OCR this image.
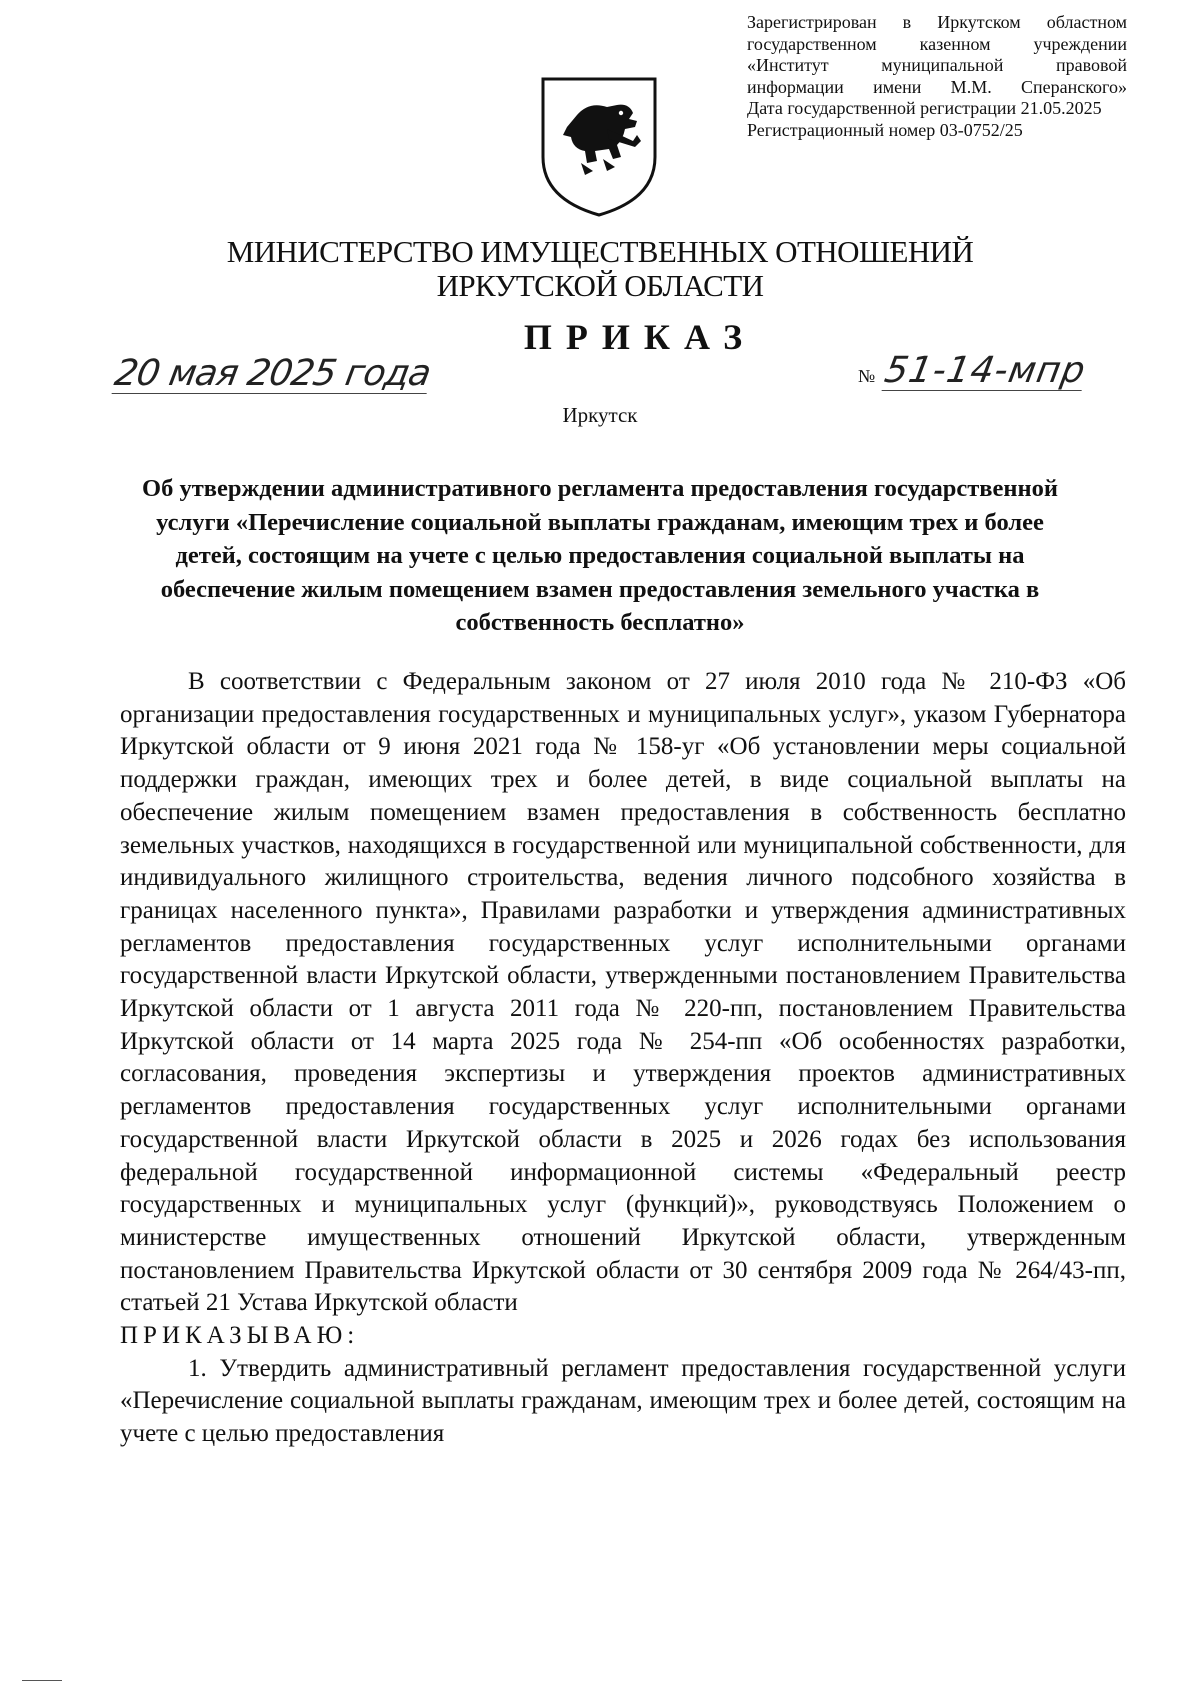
Зарегистрирован в Иркутском областном
государственном казенном учреждении
«Институт муниципальной правовой
информации имени М.М. Сперанского»
Дата государственной регистрации 21.05.2025
Регистрационный номер 03-0752/25
МИНИСТЕРСТВО ИМУЩЕСТВЕННЫХ ОТНОШЕНИЙ
ИРКУТСКОЙ ОБЛАСТИ
ПРИКАЗ
20 мая 2025 года	№ 51-14-мпр
Иркутск
Об утверждении административного регламента предоставления государственной услуги «Перечисление социальной выплаты гражданам, имеющим трех и более детей, состоящим на учете с целью предоставления социальной выплаты на обеспечение жилым помещением взамен предоставления земельного участка в собственность бесплатно»

В соответствии с Федеральным законом от 27 июля 2010 года № 210-ФЗ «Об организации предоставления государственных и муниципальных услуг», указом Губернатора Иркутской области от 9 июня 2021 года № 158-уг «Об установлении меры социальной поддержки граждан, имеющих трех и более детей, в виде социальной выплаты на обеспечение жилым помещением взамен предоставления в собственность бесплатно земельных участков, находящихся в государственной или муниципальной собственности, для индивидуального жилищного строительства, ведения личного подсобного хозяйства в границах населенного пункта», Правилами разработки и утверждения административных регламентов предоставления государственных услуг исполнительными органами государственной власти Иркутской области, утвержденными постановлением Правительства Иркутской области от 1 августа 2011 года № 220-пп, постановлением Правительства Иркутской области от 14 марта 2025 года № 254-пп «Об особенностях разработки, согласования, проведения экспертизы и утверждения проектов административных регламентов предоставления государственных услуг исполнительными органами государственной власти Иркутской области в 2025 и 2026 годах без использования федеральной государственной информационной системы «Федеральный реестр государственных и муниципальных услуг (функций)», руководствуясь Положением о министерстве имущественных отношений Иркутской области, утвержденным постановлением Правительства Иркутской области от 30 сентября 2009 года № 264/43-пп, статьей 21 Устава Иркутской области

ПРИКАЗЫВАЮ:

1. Утвердить административный регламент предоставления государственной услуги «Перечисление социальной выплаты гражданам, имеющим трех и более детей, состоящим на учете с целью предоставления
